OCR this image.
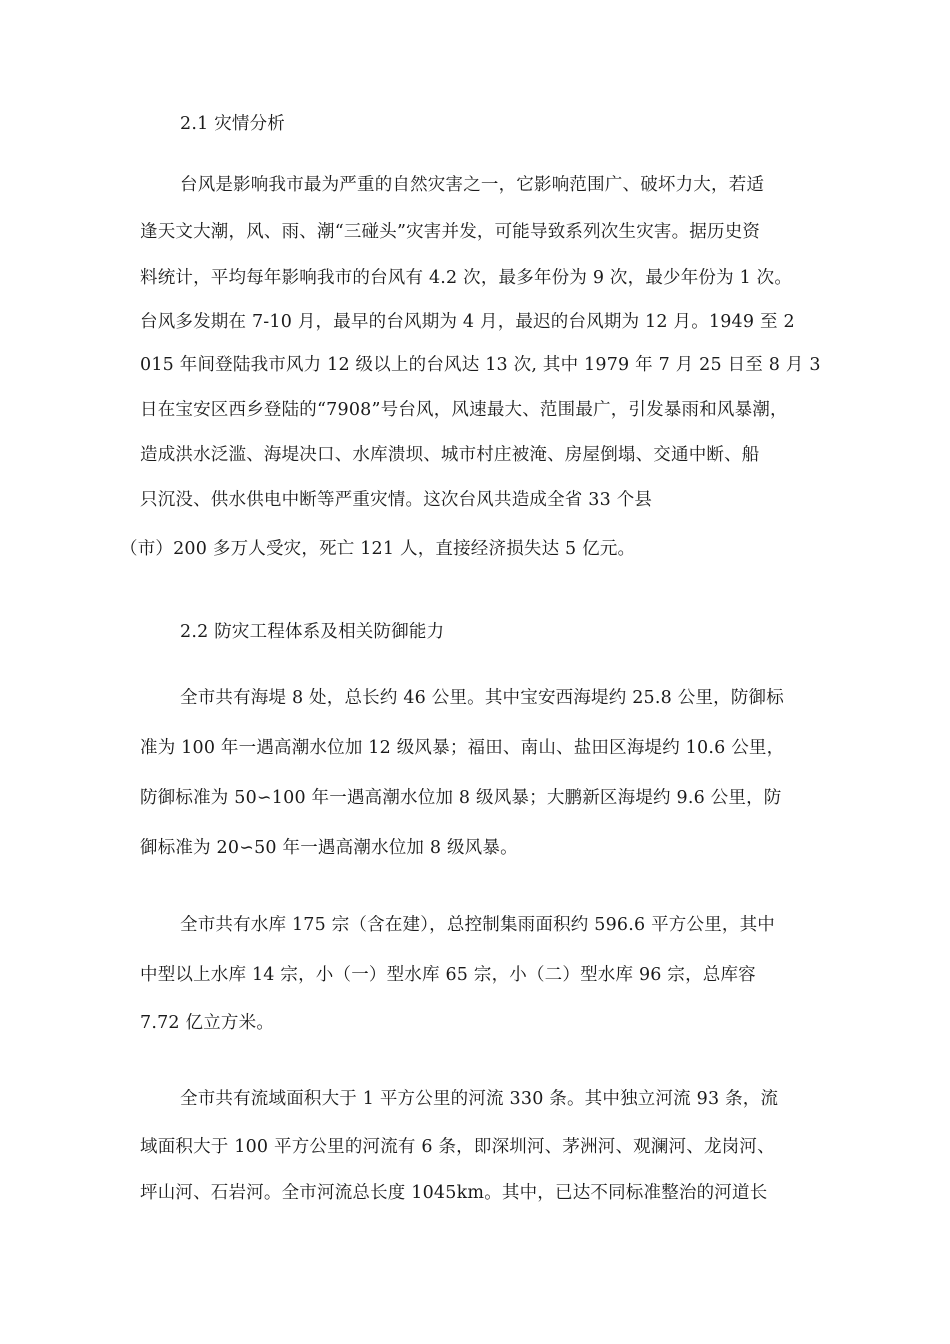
2.1 灾情分析
台风是影响我市最为严重的自然灾害之一，它影响范围广、破坏力大，若适
逢天文大潮，风、雨、潮“三碰头”灾害并发，可能导致系列次生灾害。据历史资
料统计，平均每年影响我市的台风有 4.2 次，最多年份为 9 次，最少年份为 1 次。
台风多发期在 7-10 月，最早的台风期为 4 月，最迟的台风期为 12 月。1949 至 2
015 年间登陆我市风力 12 级以上的台风达 13 次, 其中 1979 年 7 月 25 日至 8 月 3
日在宝安区西乡登陆的“7908”号台风，风速最大、范围最广，引发暴雨和风暴潮，
造成洪水泛滥、海堤决口、水库溃坝、城市村庄被淹、房屋倒塌、交通中断、船
只沉没、供水供电中断等严重灾情。这次台风共造成全省 33 个县
（市）200 多万人受灾，死亡 121 人，直接经济损失达 5 亿元。
2.2 防灾工程体系及相关防御能力
全市共有海堤 8 处，总长约 46 公里。其中宝安西海堤约 25.8 公里，防御标
准为 100 年一遇高潮水位加 12 级风暴；福田、南山、盐田区海堤约 10.6 公里，
防御标准为 50∽100 年一遇高潮水位加 8 级风暴；大鹏新区海堤约 9.6 公里，防
御标准为 20∽50 年一遇高潮水位加 8 级风暴。
全市共有水库 175 宗（含在建），总控制集雨面积约 596.6 平方公里，其中
中型以上水库 14 宗，小（一）型水库 65 宗，小（二）型水库 96 宗，总库容
7.72 亿立方米。
全市共有流域面积大于 1 平方公里的河流 330 条。其中独立河流 93 条，流
域面积大于 100 平方公里的河流有 6 条，即深圳河、茅洲河、观澜河、龙岗河、
坪山河、石岩河。全市河流总长度 1045km。其中，已达不同标准整治的河道长
